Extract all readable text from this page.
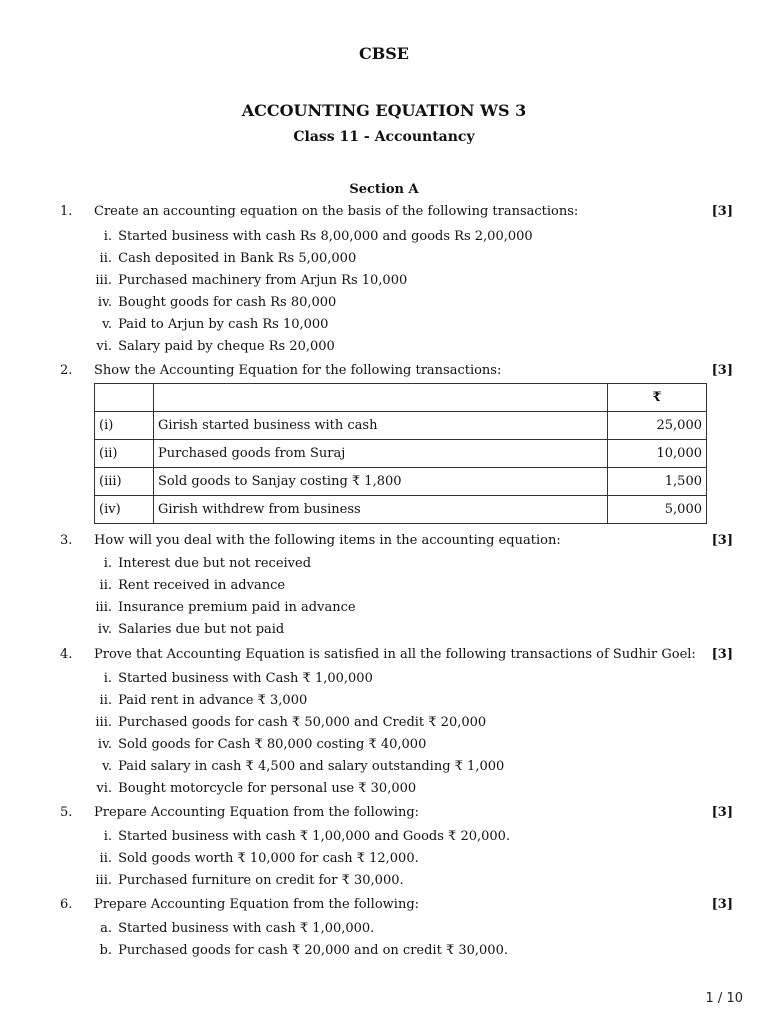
CBSE
ACCOUNTING EQUATION WS 3
Class 11 - Accountancy
Section A
1. Create an accounting equation on the basis of the following transactions:	[3]
i. Started business with cash Rs 8,00,000 and goods Rs 2,00,000
ii. Cash deposited in Bank Rs 5,00,000
iii. Purchased machinery from Arjun Rs 10,000
iv. Bought goods for cash Rs 80,000
v. Paid to Arjun by cash Rs 10,000
vi. Salary paid by cheque Rs 20,000
2. Show the Accounting Equation for the following transactions:	[3]
		₹
(i)	Girish started business with cash	25,000
(ii)	Purchased goods from Suraj	10,000
(iii)	Sold goods to Sanjay costing ₹ 1,800	1,500
(iv)	Girish withdrew from business	5,000
3. How will you deal with the following items in the accounting equation:	[3]
i. Interest due but not received
ii. Rent received in advance
iii. Insurance premium paid in advance
iv. Salaries due but not paid
4. Prove that Accounting Equation is satisfied in all the following transactions of Sudhir Goel: [3]
i. Started business with Cash ₹ 1,00,000
ii. Paid rent in advance ₹ 3,000
iii. Purchased goods for cash ₹ 50,000 and Credit ₹ 20,000
iv. Sold goods for Cash ₹ 80,000 costing ₹ 40,000
v. Paid salary in cash ₹ 4,500 and salary outstanding ₹ 1,000
vi. Bought motorcycle for personal use ₹ 30,000
5. Prepare Accounting Equation from the following:	[3]
i. Started business with cash ₹ 1,00,000 and Goods ₹ 20,000.
ii. Sold goods worth ₹ 10,000 for cash ₹ 12,000.
iii. Purchased furniture on credit for ₹ 30,000.
6. Prepare Accounting Equation from the following:	[3]
a. Started business with cash ₹ 1,00,000.
b. Purchased goods for cash ₹ 20,000 and on credit ₹ 30,000.
1 / 10
